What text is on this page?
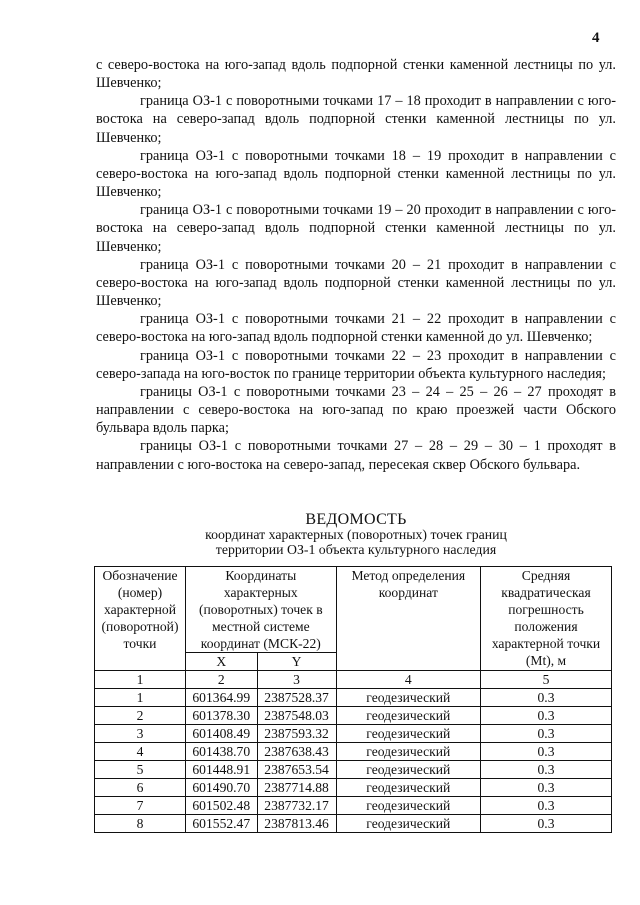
4

с северо-востока на юго-запад вдоль подпорной стенки каменной лестницы по ул. Шевченко;

граница ОЗ-1 с поворотными точками 17 – 18 проходит в направлении с юго-востока на северо-запад вдоль подпорной стенки каменной лестницы по ул. Шевченко;

граница ОЗ-1 с поворотными точками 18 – 19 проходит в направлении с северо-востока на юго-запад вдоль подпорной стенки каменной лестницы по ул. Шевченко;

граница ОЗ-1 с поворотными точками 19 – 20 проходит в направлении с юго-востока на северо-запад вдоль подпорной стенки каменной лестницы по ул. Шевченко;

граница ОЗ-1 с поворотными точками 20 – 21 проходит в направлении с северо-востока на юго-запад вдоль подпорной стенки каменной лестницы по ул. Шевченко;

граница ОЗ-1 с поворотными точками 21 – 22 проходит в направлении с северо-востока на юго-запад вдоль подпорной стенки каменной до ул. Шевченко;

граница ОЗ-1 с поворотными точками 22 – 23 проходит в направлении с северо-запада на юго-восток по границе территории объекта культурного наследия;

границы ОЗ-1 с поворотными точками 23 – 24 – 25 – 26 – 27 проходят в направлении с северо-востока на юго-запад по краю проезжей части Обского бульвара вдоль парка;

границы ОЗ-1 с поворотными точками 27 – 28 – 29 – 30 – 1 проходят в направлении с юго-востока на северо-запад, пересекая сквер Обского бульвара.

ВЕДОМОСТЬ
координат характерных (поворотных) точек границ
территории ОЗ-1 объекта культурного наследия
Обозначение (номер) характерной (поворотной) точки	Координаты характерных (поворотных) точек в местной системе координат (МСК-22)		Метод определения координат	Средняя квадратическая погрешность положения характерной точки (Mt), м
	X	Y		
1	2	3	4	5
1	601364.99	2387528.37	геодезический	0.3
2	601378.30	2387548.03	геодезический	0.3
3	601408.49	2387593.32	геодезический	0.3
4	601438.70	2387638.43	геодезический	0.3
5	601448.91	2387653.54	геодезический	0.3
6	601490.70	2387714.88	геодезический	0.3
7	601502.48	2387732.17	геодезический	0.3
8	601552.47	2387813.46	геодезический	0.3
